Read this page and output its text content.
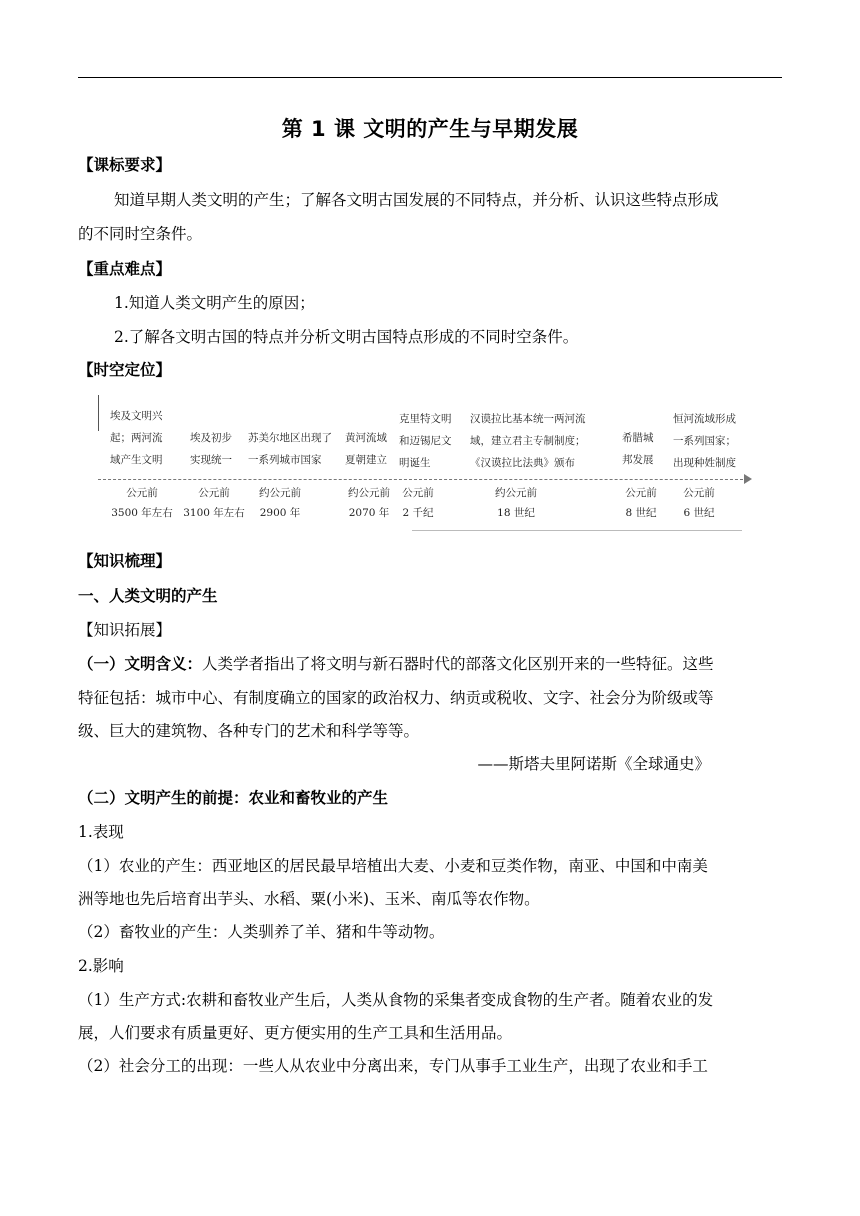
第 1 课 文明的产生与早期发展
【课标要求】
知道早期人类文明的产生；了解各文明古国发展的不同特点，并分析、认识这些特点形成
的不同时空条件。
【重点难点】
1.知道人类文明产生的原因；
2.了解各文明古国的特点并分析文明古国特点形成的不同时空条件。
【时空定位】
埃及文明兴
起；两河流
域产生文明
埃及初步
实现统一
苏美尔地区出现了
一系列城市国家
黄河流域
夏朝建立
克里特文明
和迈锡尼文
明诞生
汉谟拉比基本统一两河流
域，建立君主专制制度；
《汉谟拉比法典》颁布
希腊城
邦发展
恒河流域形成
一系列国家；
出现种姓制度
公元前
3500 年左右
公元前
3100 年左右
约公元前
2900 年
约公元前
2070 年
公元前
2 千纪
约公元前
18 世纪
公元前
8 世纪
公元前
6 世纪
【知识梳理】
一、人类文明的产生
【知识拓展】
（一）文明含义：人类学者指出了将文明与新石器时代的部落文化区别开来的一些特征。这些
特征包括：城市中心、有制度确立的国家的政治权力、纳贡或税收、文字、社会分为阶级或等
级、巨大的建筑物、各种专门的艺术和科学等等。
——斯塔夫里阿诺斯《全球通史》
（二）文明产生的前提：农业和畜牧业的产生
1.表现
（1）农业的产生：西亚地区的居民最早培植出大麦、小麦和豆类作物，南亚、中国和中南美
洲等地也先后培育出芋头、水稻、粟(小米)、玉米、南瓜等农作物。
（2）畜牧业的产生：人类驯养了羊、猪和牛等动物。
2.影响
（1）生产方式:农耕和畜牧业产生后，人类从食物的采集者变成食物的生产者。随着农业的发
展，人们要求有质量更好、更方便实用的生产工具和生活用品。
（2）社会分工的出现：一些人从农业中分离出来，专门从事手工业生产，出现了农业和手工
